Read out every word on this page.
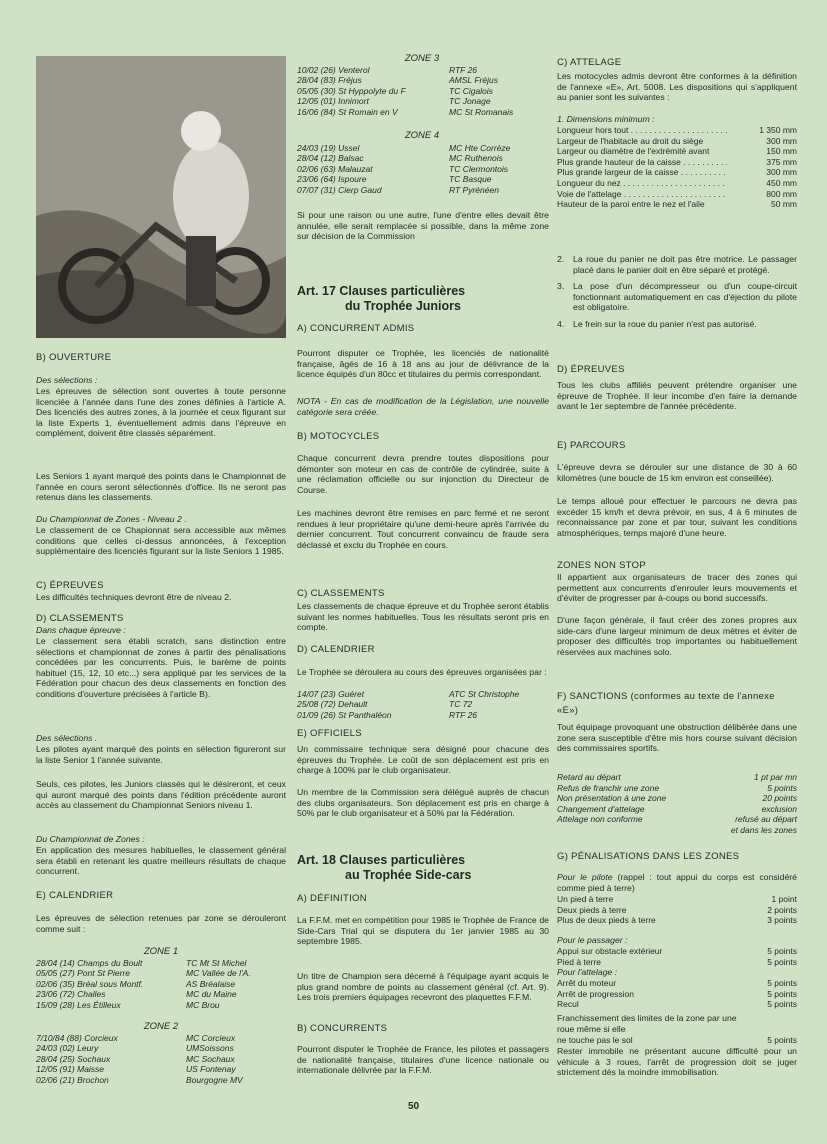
B) OUVERTURE

Des sélections :

Les épreuves de sélection sont ouvertes à toute personne licenciée à l'année dans l'une des zones définies à l'article A. Des licenciés des autres zones, à la journée et ceux figurant sur la liste Experts 1, éventuellement admis dans l'épreuve en complément, doivent être classés séparément.

Les Seniors 1 ayant marqué des points dans le Championnat de l'année en cours seront sélectionnés d'office. Ils ne seront pas retenus dans les classements.

Du Championnat de Zones - Niveau 2 .

Le classement de ce Chapionnat sera accessible aux mêmes conditions que celles ci-dessus annoncées, à l'exception supplémentaire des licenciés figurant sur la liste Seniors 1 1985.

C) ÉPREUVES

Les difficultés techniques devront être de niveau 2.

D) CLASSEMENTS

Dans chaque épreuve :

Le classement sera établi scratch, sans distinction entre sélections et championnat de zones à partir des pénalisations concédées par les concurrents. Puis, le barème de points habituel (15, 12, 10 etc...) sera appliqué par les services de la Fédération pour chacun des deux classements en fonction des conditions d'ouverture précisées à l'article B).

Des sélections .

Les pilotes ayant marqué des points en sélection figureront sur la liste Senior 1 l'année suivante.

Seuls, ces pilotes, les Juniors classés qui le désireront, et ceux qui auront marqué des points dans l'édition précédente auront accès au classement du Championnat Seniors niveau 1.

Du Championnat de Zones :

En application des mesures habituelles, le classement général sera établi en retenant les quatre meilleurs résultats de chaque concurrent.

E) CALENDRIER

Les épreuves de sélection retenues par zone se dérouleront comme suit :

ZONE 1
28/04 (14) Champs du Boult	TC Mt St Michel
05/05 (27) Pont St Pierre	MC Vallée de l'A.
02/06 (35) Bréal sous Montf.	AS Bréalaise
23/06 (72) Challes	MC du Maine
15/09 (28) Les Étilleux	MC Brou
ZONE 2
7/10/84 (88) Corcieux	MC Corcieux
24/03 (02) Leury	UMSoissons
28/04 (25) Sochaux	MC Sochaux
12/05 (91) Maisse	US Fontenay
02/06 (21) Brochon	Bourgogne MV
ZONE 3
10/02 (26) Venterol	RTF 26
28/04 (83) Fréjus	AMSL Fréjus
05/05 (30) St Hyppolyte du F	TC Cigalois
12/05 (01) Innimort	TC Jonage
16/06 (84) St Romain en V	MC St Romanais
ZONE 4
24/03 (19) Ussel	MC Hte Corrèze
28/04 (12) Balsac	MC Ruthenois
02/06 (63) Malauzat	TC Clermontois
23/06 (64) Ispoure	TC Basque
07/07 (31) Cierp Gaud	RT Pyrénéen

Si pour une raison ou une autre, l'une d'entre elles devait être annulée, elle serait remplacée si possible, dans la même zone sur décision de la Commission

Art. 17 Clauses particulières
du Trophée Juniors

A) CONCURRENT ADMIS

Pourront disputer ce Trophée, les licenciés de nationalité française, âgés de 16 à 18 ans au jour de délivrance de la licence équipés d'un 80cc et titulaires du permis correspondant.

NOTA - En cas de modification de la Législation, une nouvelle catégorie sera créée.

B) MOTOCYCLES

Chaque concurrent devra prendre toutes dispositions pour démonter son moteur en cas de contrôle de cylindrée, suite à une réclamation officielle ou sur injonction du Directeur de Course.

Les machines devront être remises en parc fermé et ne seront rendues à leur propriétaire qu'une demi-heure après l'arrivée du dernier concurrent. Tout concurrent convaincu de fraude sera déclassé et exclu du Trophée en cours.

C) CLASSEMENTS

Les classements de chaque épreuve et du Trophée seront établis suivant les normes habituelles. Tous les résultats seront pris en compte.

D) CALENDRIER

Le Trophée se déroulera au cours des épreuves organisées par :

14/07 (23) Guéret	ATC St Christophe
25/08 (72) Dehault	TC 72
01/09 (26) St Panthaléon	RTF 26

E) OFFICIELS

Un commissaire technique sera désigné pour chacune des épreuves du Trophée. Le coût de son déplacement est pris en charge à 100% par le club organisateur.

Un membre de la Commission sera délégué auprès de chacun des clubs organisateurs. Son déplacement est pris en charge à 50% par le club organisateur et à 50% par la Fédération.

Art. 18 Clauses particulières
au Trophée Side-cars

A) DÉFINITION

La F.F.M. met en compétition pour 1985 le Trophée de France de Side-Cars Trial qui se disputera du 1er janvier 1985 au 30 septembre 1985.

Un titre de Champion sera décerné à l'équipage ayant acquis le plus grand nombre de points au classement général (cf. Art. 9). Les trois premiers équipages recevront des plaquettes F.F.M.

B) CONCURRENTS

Pourront disputer le Trophée de France, les pilotes et passagers de nationalité française, titulaires d'une licence nationale ou internationale délivrée par la F.F.M.

C) ATTELAGE

Les motocycles admis devront être conformes à la définition de l'annexe «E», Art. 5008. Les dispositions qui s'appliquent au panier sont les suivantes :

1. Dimensions minimum :

Longueur hors tout . . .	1 350 mm
Largeur de l'habitacle au droit du siège	300 mm
Largeur ou diamètre de l'extrémité avant	150 mm
Plus grande hauteur de la caisse . . .	375 mm
Plus grande largeur de la caisse . . .	300 mm
Longueur du nez . . .	450 mm
Voie de l'attelage . . .	800 mm
Hauteur de la paroi entre le nez et l'aile	50 mm
2.	La roue du panier ne doit pas être motrice. Le passager placé dans le panier doit en être séparé et protégé.
3.	La pose d'un décompresseur ou d'un coupe-circuit fonctionnant automatiquement en cas d'éjection du pilote est obligatoire.
4.	Le frein sur la roue du panier n'est pas autorisé.

D) ÉPREUVES

Tous les clubs affiliés peuvent prétendre organiser une épreuve de Trophée. Il leur incombe d'en faire la demande avant le 1er septembre de l'année précédente.

E) PARCOURS

L'épreuve devra se dérouler sur une distance de 30 à 60 kilomètres (une boucle de 15 km environ est conseillée).

Le temps alloué pour effectuer le parcours ne devra pas excéder 15 km/h et devra prévoir, en sus, 4 à 6 minutes de reconnaissance par zone et par tour, suivant les conditions atmosphériques, temps majoré d'une heure.

ZONES NON STOP

Il appartient aux organisateurs de tracer des zones qui permettent aux concurrents d'enrouler leurs mouvements et d'éviter de progresser par à-coups ou bond successifs.

D'une façon générale, il faut créer des zones propres aux side-cars d'une largeur minimum de deux mètres et éviter de proposer des difficultés trop importantes ou habituellement réservées aux machines solo.

F) SANCTIONS (conformes au texte de l'annexe «E»)

Tout équipage provoquant une obstruction délibérée dans une zone sera susceptible d'être mis hors course suivant décision des commissaires sportifs.

Retard au départ	1 pt par mn
Refus de franchir une zone	5 points
Non présentation à une zone	20 points
Changement d'attelage	exclusion
Attelage non conforme	refusé au départ
et dans les zones

G) PÉNALISATIONS DANS LES ZONES

Pour le pilote (rappel : tout appui du corps est considéré comme pied à terre)

Un pied à terre	1 point
Deux pieds à terre	2 points
Plus de deux pieds à terre	3 points

Pour le passager :

Appui sur obstacle extérieur	5 points
Pied à terre	5 points

Pour l'attelage :

Arrêt du moteur	5 points
Arrêt de progression	5 points
Recul	5 points

Franchissement des limites de la zone par une roue même si elle

ne touche pas le sol	5 points

Rester immobile ne présentant aucune difficulté pour un véhicule à 3 roues, l'arrêt de progression doit se juger strictement dès la moindre immobilisation.

50
